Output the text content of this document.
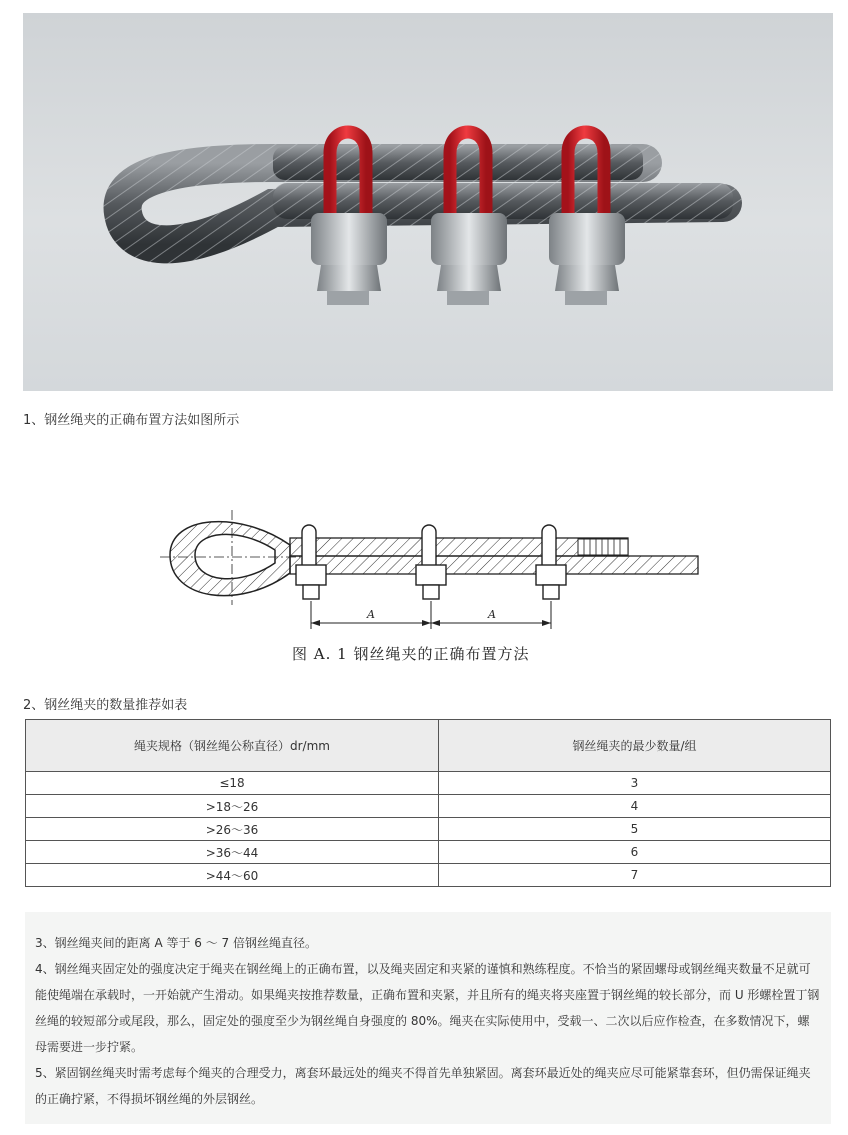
1、钢丝绳夹的正确布置方法如图所示
A	A
图 A. 1 钢丝绳夹的正确布置方法
2、钢丝绳夹的数量推荐如表
绳夹规格（钢丝绳公称直径）dr/mm	钢丝绳夹的最少数量/组
≤18	3
>18～26	4
>26～36	5
>36～44	6
>44～60	7

3、钢丝绳夹间的距离 A 等于 6 ～ 7 倍钢丝绳直径。

4、钢丝绳夹固定处的强度决定于绳夹在钢丝绳上的正确布置，以及绳夹固定和夹紧的谨慎和熟练程度。不恰当的紧固螺母或钢丝绳夹数量不足就可能使绳端在承载时，一开始就产生滑动。如果绳夹按推荐数量，正确布置和夹紧，并且所有的绳夹将夹座置于钢丝绳的较长部分，而 U 形螺栓置丁钢丝绳的较短部分或尾段，那么，固定处的强度至少为钢丝绳自身强度的 80%。绳夹在实际使用中，受载一、二次以后应作检查，在多数情况下，螺母需要进一步拧紧。

5、紧固钢丝绳夹时需考虑每个绳夹的合理受力，离套环最远处的绳夹不得首先单独紧固。离套环最近处的绳夹应尽可能紧靠套环，但仍需保证绳夹的正确拧紧，不得损坏钢丝绳的外层钢丝。
